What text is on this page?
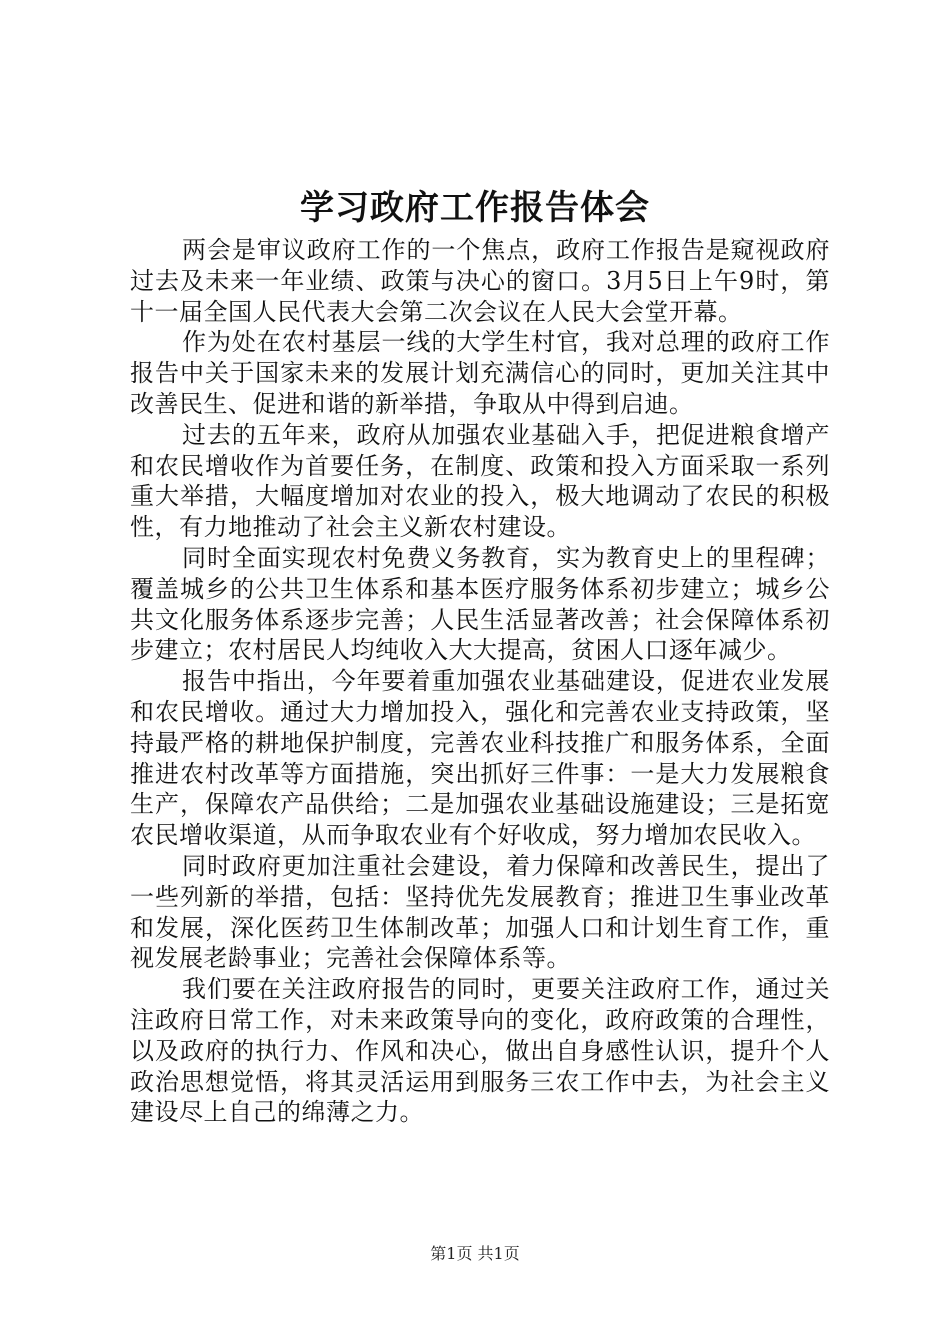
学习政府工作报告体会

两会是审议政府工作的一个焦点，政府工作报告是窥视政府过去及未来一年业绩、政策与决心的窗口。3月5日上午9时，第十一届全国人民代表大会第二次会议在人民大会堂开幕。

作为处在农村基层一线的大学生村官，我对总理的政府工作报告中关于国家未来的发展计划充满信心的同时，更加关注其中改善民生、促进和谐的新举措，争取从中得到启迪。

过去的五年来，政府从加强农业基础入手，把促进粮食增产和农民增收作为首要任务，在制度、政策和投入方面采取一系列重大举措，大幅度增加对农业的投入，极大地调动了农民的积极性，有力地推动了社会主义新农村建设。

同时全面实现农村免费义务教育，实为教育史上的里程碑；覆盖城乡的公共卫生体系和基本医疗服务体系初步建立；城乡公共文化服务体系逐步完善；人民生活显著改善；社会保障体系初步建立；农村居民人均纯收入大大提高，贫困人口逐年减少。

报告中指出，今年要着重加强农业基础建设，促进农业发展和农民增收。通过大力增加投入，强化和完善农业支持政策，坚持最严格的耕地保护制度，完善农业科技推广和服务体系，全面推进农村改革等方面措施，突出抓好三件事：一是大力发展粮食生产，保障农产品供给；二是加强农业基础设施建设；三是拓宽农民增收渠道，从而争取农业有个好收成，努力增加农民收入。

同时政府更加注重社会建设，着力保障和改善民生，提出了一些列新的举措，包括：坚持优先发展教育；推进卫生事业改革和发展，深化医药卫生体制改革；加强人口和计划生育工作，重视发展老龄事业；完善社会保障体系等。

我们要在关注政府报告的同时，更要关注政府工作，通过关注政府日常工作，对未来政策导向的变化，政府政策的合理性，以及政府的执行力、作风和决心，做出自身感性认识，提升个人政治思想觉悟，将其灵活运用到服务三农工作中去，为社会主义建设尽上自己的绵薄之力。

第1页 共1页
